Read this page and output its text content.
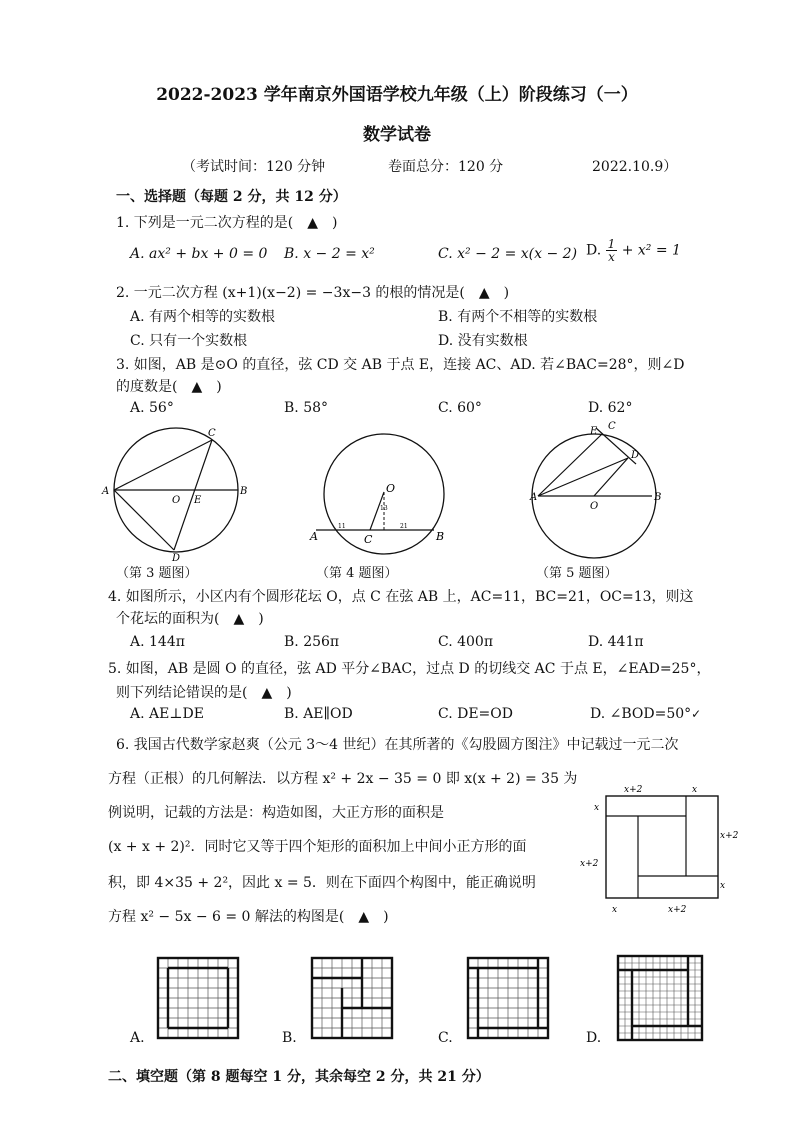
2022-2023 学年南京外国语学校九年级（上）阶段练习（一）
数学试卷
（考试时间：120 分钟	卷面总分：120 分	2022.10.9）
一、选择题（每题 2 分，共 12 分）
1. 下列是一元二次方程的是(　▲　)
A. ax² + bx + 0 = 0 B. x − 2 = x²	C. x² − 2 = x(x − 2) D. $\frac{1}{x} + x^2 = 1$
2. 一元二次方程 (x+1)(x−2) = −3x−3 的根的情况是(　▲　)
A. 有两个相等的实数根	B. 有两个不相等的实数根
C. 只有一个实数根	D. 没有实数根
3. 如图，AB 是⊙O 的直径，弦 CD 交 AB 于点 E，连接 AC、AD. 若∠BAC=28°，则∠D
的度数是(　▲　)
A. 56°	B. 58°	C. 60°	D. 62°
A	B
C
D
O E
（第 3 题图）
O
A	B
C
11	21
13
（第 4 题图）
A	B
C
D
E
O
（第 5 题图）
4. 如图所示，小区内有个圆形花坛 O，点 C 在弦 AB 上，AC=11，BC=21，OC=13，则这
个花坛的面积为(　▲　)
A. 144π	B. 256π	C. 400π	D. 441π
5. 如图，AB 是圆 O 的直径，弦 AD 平分∠BAC，过点 D 的切线交 AC 于点 E，∠EAD=25°，
则下列结论错误的是(　▲　)
A. AE⊥DE	B. AE∥OD	C. DE=OD	D. ∠BOD=50°✓
6. 我国古代数学家赵爽（公元 3～4 世纪）在其所著的《勾股圆方图注》中记载过一元二次
方程（正根）的几何解法．以方程 x² + 2x − 35 = 0 即 x(x + 2) = 35 为
例说明，记载的方法是：构造如图，大正方形的面积是
(x + x + 2)²．同时它又等于四个矩形的面积加上中间小正方形的面
积，即 4×35 + 2²，因此 x = 5．则在下面四个构图中，能正确说明
方程 x² − 5x − 6 = 0 解法的构图是(　▲　)
x+2	x
x
x+2
x+2
x
x	x+2
A.	B.	C.	D.
二、填空题（第 8 题每空 1 分，其余每空 2 分，共 21 分）
